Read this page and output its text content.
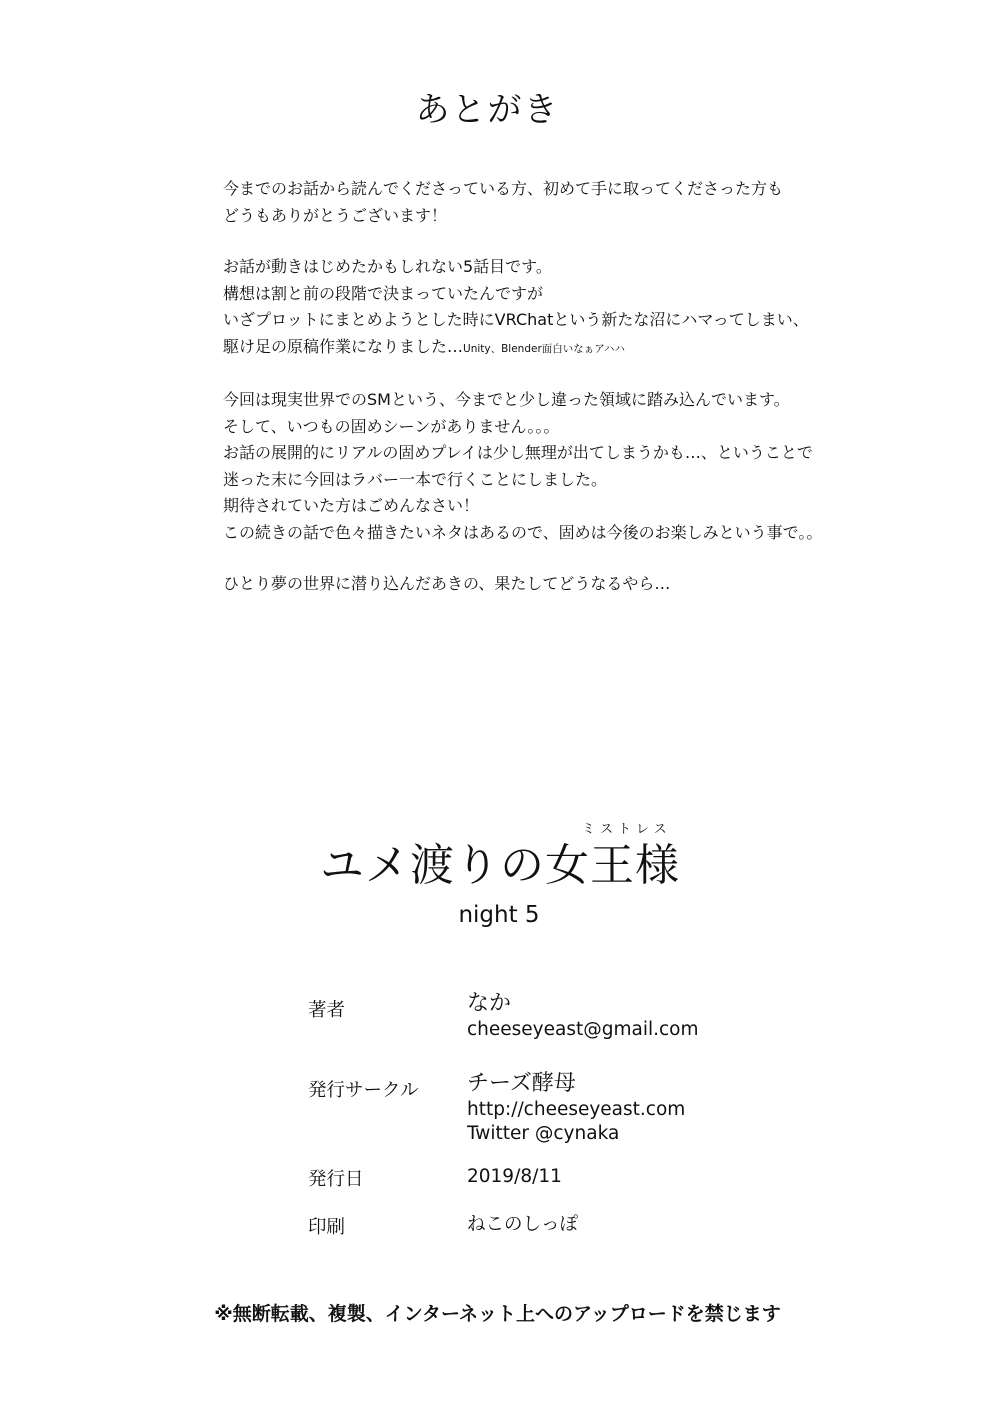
あとがき

今までのお話から読んでくださっている方、初めて手に取ってくださった方も
どうもありがとうございます！

お話が動きはじめたかもしれない5話目です。
構想は割と前の段階で決まっていたんですが
いざプロットにまとめようとした時にVRChatという新たな沼にハマってしまい、
駆け足の原稿作業になりました…Unity、Blender面白いなぁアハハ

今回は現実世界でのSMという、今までと少し違った領域に踏み込んでいます。
そして、いつもの固めシーンがありません。。。
お話の展開的にリアルの固めプレイは少し無理が出てしまうかも…、ということで
迷った末に今回はラバー一本で行くことにしました。
期待されていた方はごめんなさい！
この続きの話で色々描きたいネタはあるので、固めは今後のお楽しみという事で。。

ひとり夢の世界に潜り込んだあきの、果たしてどうなるやら…

ミストレス
ユメ渡りの女王様
night 5
著者	なか
cheeseyeast@gmail.com
発行サークル チーズ酵母
http://cheeseyeast.com
Twitter @cynaka
発行日	2019/8/11
印刷	ねこのしっぽ
※無断転載、複製、インターネット上へのアップロードを禁じます
